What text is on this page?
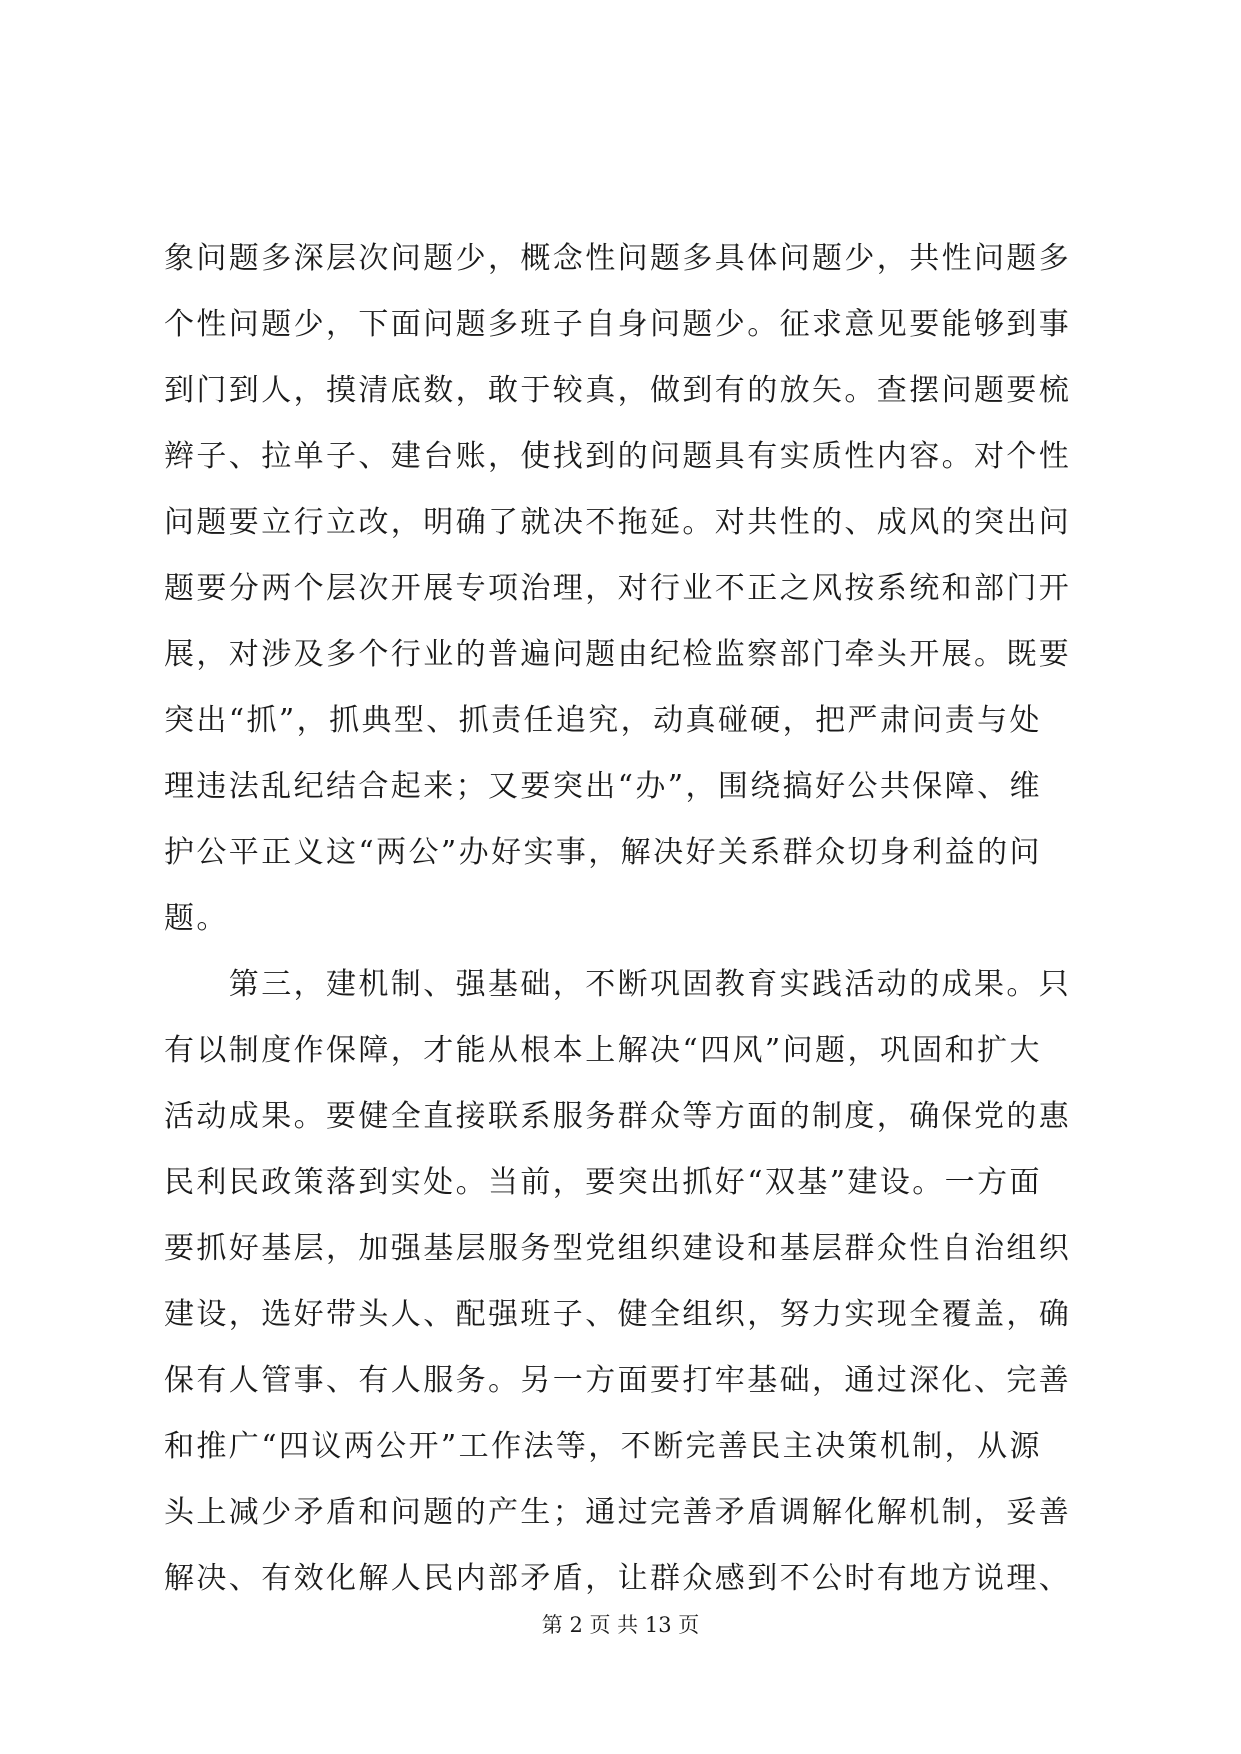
象问题多深层次问题少，概念性问题多具体问题少，共性问题多
个性问题少，下面问题多班子自身问题少。征求意见要能够到事
到门到人，摸清底数，敢于较真，做到有的放矢。查摆问题要梳
辫子、拉单子、建台账，使找到的问题具有实质性内容。对个性
问题要立行立改，明确了就决不拖延。对共性的、成风的突出问
题要分两个层次开展专项治理，对行业不正之风按系统和部门开
展，对涉及多个行业的普遍问题由纪检监察部门牵头开展。既要
突出“抓”，抓典型、抓责任追究，动真碰硬，把严肃问责与处
理违法乱纪结合起来；又要突出“办”，围绕搞好公共保障、维
护公平正义这“两公”办好实事，解决好关系群众切身利益的问
题。
　　第三，建机制、强基础，不断巩固教育实践活动的成果。只
有以制度作保障，才能从根本上解决“四风”问题，巩固和扩大
活动成果。要健全直接联系服务群众等方面的制度，确保党的惠
民利民政策落到实处。当前，要突出抓好“双基”建设。一方面
要抓好基层，加强基层服务型党组织建设和基层群众性自治组织
建设，选好带头人、配强班子、健全组织，努力实现全覆盖，确
保有人管事、有人服务。另一方面要打牢基础，通过深化、完善
和推广“四议两公开”工作法等，不断完善民主决策机制，从源
头上减少矛盾和问题的产生；通过完善矛盾调解化解机制，妥善
解决、有效化解人民内部矛盾，让群众感到不公时有地方说理、
第 2 页 共 13 页
